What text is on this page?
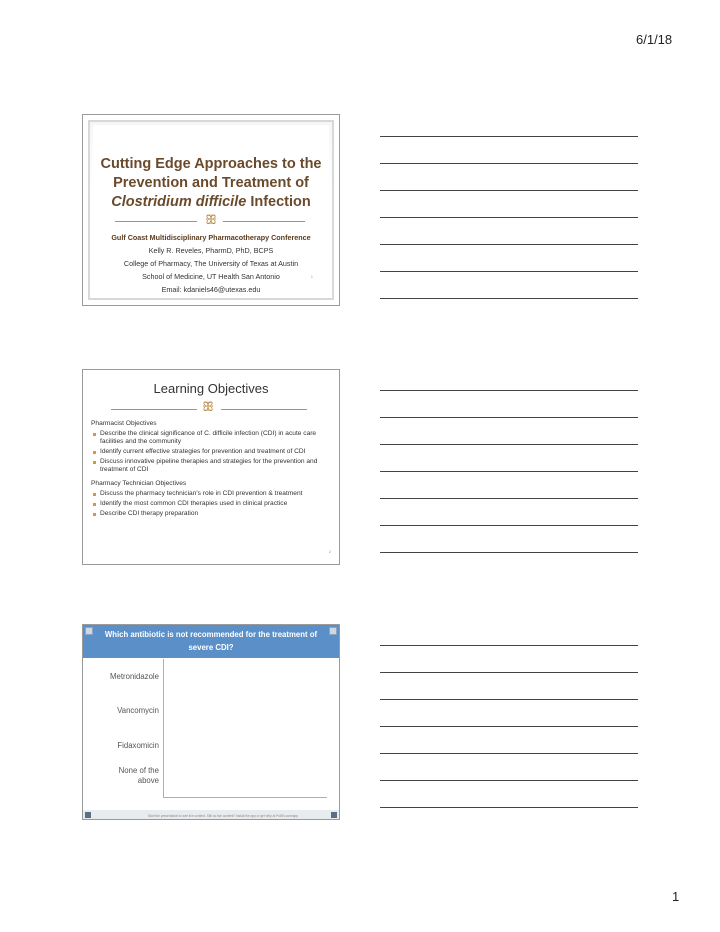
6/1/18
Cutting Edge Approaches to the
Prevention and Treatment of
Clostridium difficile Infection
ꕥ
Gulf Coast Multidisciplinary Pharmacotherapy Conference
Kelly R. Reveles, PharmD, PhD, BCPS
College of Pharmacy, The University of Texas at Austin
School of Medicine, UT Health San Antonio
Email: kdaniels46@utexas.edu
1
Learning Objectives
ꕥ
Pharmacist Objectives
Describe the clinical significance of C. difficile infection (CDI) in acute care facilities and the community
Identify current effective strategies for prevention and treatment of CDI
Discuss innovative pipeline therapies and strategies for the prevention and treatment of CDI
Pharmacy Technician Objectives
Discuss the pharmacy technician's role in CDI prevention & treatment
Identify the most common CDI therapies used in clinical practice
Describe CDI therapy preparation
2
Which antibiotic is not recommended for the treatment of
severe CDI?
Metronidazole
Vancomycin
Fidaxomicin
None of the above
Start the presentation to see live content. Still no live content? Install the app or get help at PollEv.com/app
1
